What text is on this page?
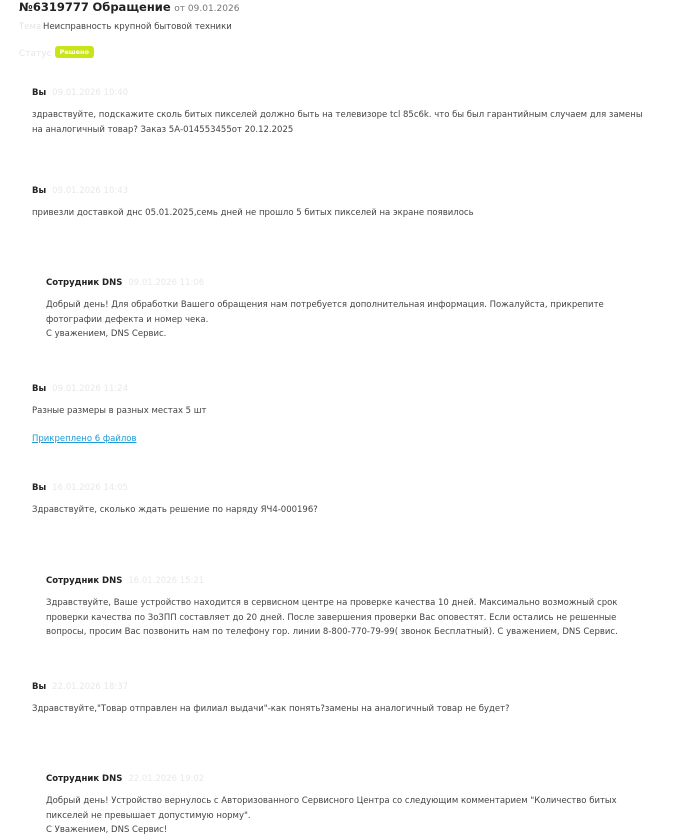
№6319777 Обращение от 09.01.2026
Тема Неисправность крупной бытовой техники
Статус Решено
Вы 09.01.2026 10:40
здравствуйте, подскажите сколь битых пикселей должно быть на телевизоре tcl 85c6k. что бы был гарантийным случаем для замены на аналогичный товар? Заказ 5А-014553455от 20.12.2025
Вы 09.01.2026 10:43
привезли доставкой днс 05.01.2025,семь дней не прошло 5 битых пикселей на экране появилось
Сотрудник DNS 09.01.2026 11:06
Добрый день! Для обработки Вашего обращения нам потребуется дополнительная информация. Пожалуйста, прикрепите фотографии дефекта и номер чека.
С уважением, DNS Сервис.
Вы 09.01.2026 11:24
Разные размеры в разных местах 5 шт
Прикреплено 6 файлов
Вы 16.01.2026 14:05
Здравствуйте, сколько ждать решение по наряду ЯЧ4-000196?
Сотрудник DNS 16.01.2026 15:21
Здравствуйте, Ваше устройство находится в сервисном центре на проверке качества 10 дней. Максимально возможный срок проверки качества по ЗоЗПП составляет до 20 дней. После завершения проверки Вас оповестят. Если остались не решенные вопросы, просим Вас позвонить нам по телефону гор. линии 8-800-770-79-99( звонок Бесплатный). С уважением, DNS Сервис.
Вы 22.01.2026 18:37
Здравствуйте,"Товар отправлен на филиал выдачи"-как понять?замены на аналогичный товар не будет?
Сотрудник DNS 22.01.2026 19:02
Добрый день! Устройство вернулось с Авторизованного Сервисного Центра со следующим комментарием "Количество битых пикселей не превышает допустимую норму".
С Уважением, DNS Сервис!
